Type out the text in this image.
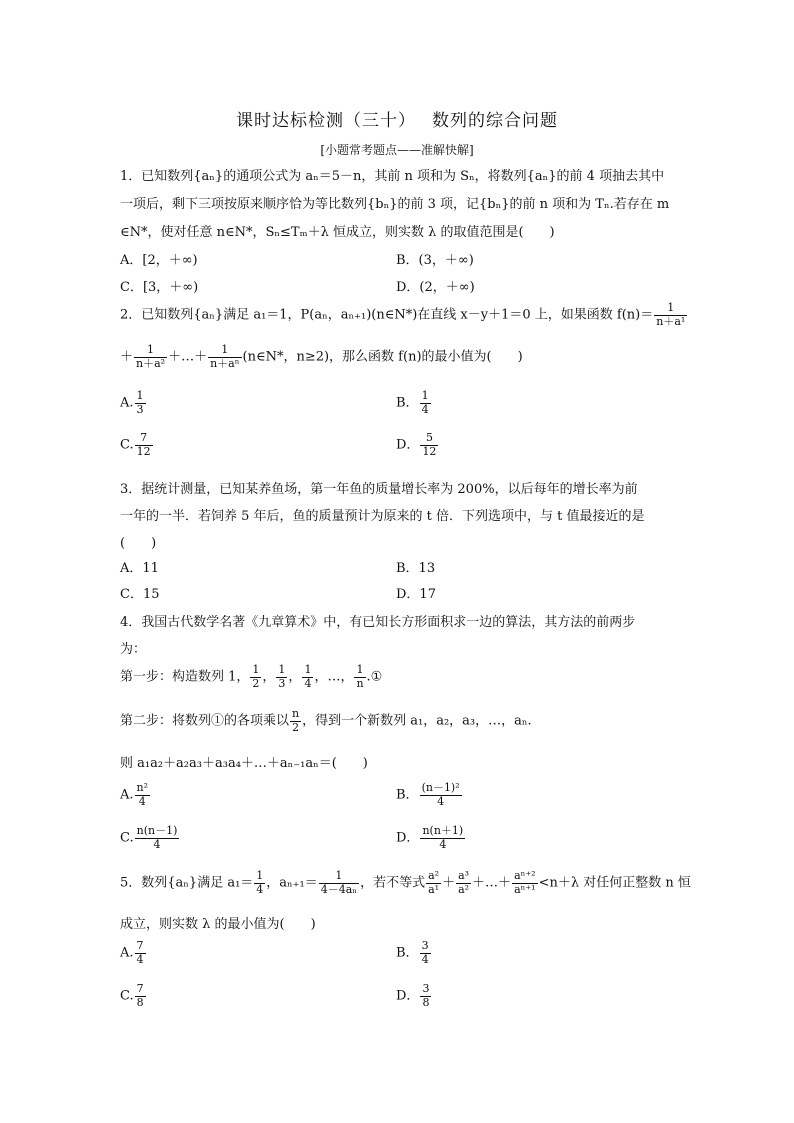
课时达标检测（三十）　 数列的综合问题
[小题常考题点——准解快解]
1．已知数列{aₙ}的通项公式为 aₙ＝5－n，其前 n 项和为 Sₙ，将数列{aₙ}的前 4 项抽去其中
一项后，剩下三项按原来顺序恰为等比数列{bₙ}的前 3 项，记{bₙ}的前 n 项和为 Tₙ.若存在 m
∈N*，使对任意 n∈N*，Sₙ≤Tₘ＋λ 恒成立，则实数 λ 的取值范围是(　　)
A．[2，＋∞)	B．(3，＋∞)
C．[3，＋∞)	D．(2，＋∞)
2．已知数列{aₙ}满足 a₁＝1，P(aₙ，aₙ₊₁)(n∈N*)在直线 x－y＋1＝0 上，如果函数 $f(n)= \frac{1}{\text{n＋a¹}}$
＋ $\frac{1}{\text{n＋a²}}$ ＋…＋ $\frac{1}{\text{n＋aⁿ}}$ (n∈N*，n≥2)，那么函数 f(n)的最小值为(　　)
A. $\frac{1}{3}$	B． $\frac{1}{4}$
C. $\frac{7}{12}$	D． $\frac{5}{12}$
3．据统计测量，已知某养鱼场，第一年鱼的质量增长率为 200%，以后每年的增长率为前
一年的一半．若饲养 5 年后，鱼的质量预计为原来的 t 倍．下列选项中，与 t 值最接近的是
(　　)
A．11	B．13
C．15	D．17
4．我国古代数学名著《九章算术》中，有已知长方形面积求一边的算法，其方法的前两步
为：
第一步：构造数列 1， $\frac{1}{2}$ ， $\frac{1}{3}$ ， $\frac{1}{4}$ ，…， $\frac{1}{n}$ .①
第二步：将数列①的各项乘以 $\frac{n}{2}$ ，得到一个新数列 a₁，a₂，a₃，…，aₙ.
则 a₁a₂＋a₂a₃＋a₃a₄＋…＋aₙ₋₁aₙ＝(　　)
A. $\frac{\text{n²}}{4}$	B． $\frac{\text{(n－1)²}}{4}$
C. $\frac{n(n-1)}{4}$	D． $\frac{n(n+1)}{4}$
5．数列{aₙ}满足 $a_1= \frac{1}{4}$ ，$a_{n+1}= \frac{1}{\text{4－4aₙ}}$ ，若不等式 $\frac{\text{a²}}{\text{a¹}} + \frac{\text{a³}}{\text{a²}}$ ＋…＋ $\frac{\text{aⁿ⁺²}}{\text{aⁿ⁺¹}} <n+\lambda$ 对任何正整数 n 恒
成立，则实数 λ 的最小值为(　　)
A. $\frac{7}{4}$	B． $\frac{3}{4}$
C. $\frac{7}{8}$	D． $\frac{3}{8}$
